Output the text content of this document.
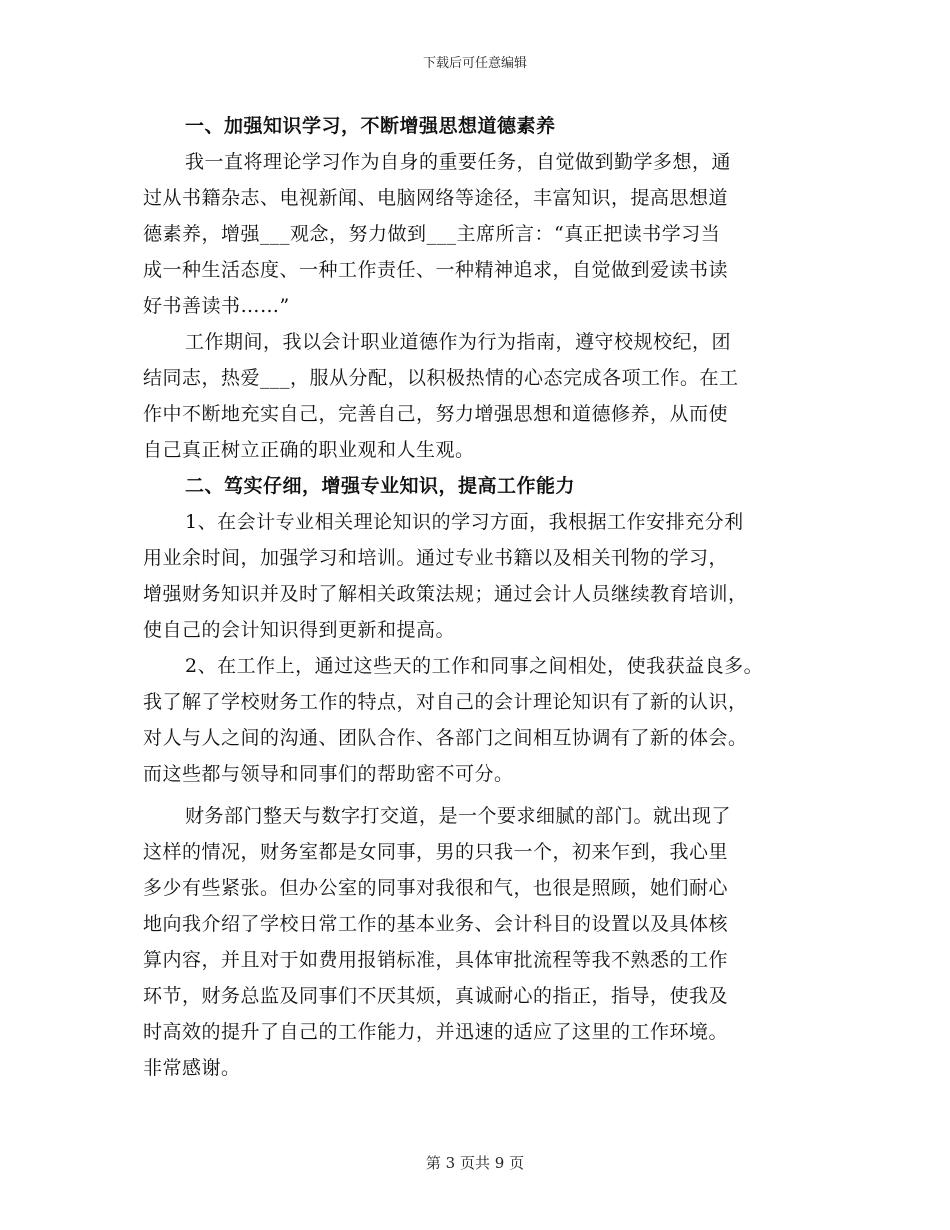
下载后可任意编辑
一、加强知识学习，不断增强思想道德素养
我一直将理论学习作为自身的重要任务，自觉做到勤学多想，通
过从书籍杂志、电视新闻、电脑网络等途径，丰富知识，提高思想道
德素养，增强___观念，努力做到___主席所言：“真正把读书学习当
成一种生活态度、一种工作责任、一种精神追求，自觉做到爱读书读
好书善读书……”
工作期间，我以会计职业道德作为行为指南，遵守校规校纪，团
结同志，热爱___，服从分配，以积极热情的心态完成各项工作。在工
作中不断地充实自己，完善自己，努力增强思想和道德修养，从而使
自己真正树立正确的职业观和人生观。
二、笃实仔细，增强专业知识，提高工作能力
1、在会计专业相关理论知识的学习方面，我根据工作安排充分利
用业余时间，加强学习和培训。通过专业书籍以及相关刊物的学习，
增强财务知识并及时了解相关政策法规；通过会计人员继续教育培训，
使自己的会计知识得到更新和提高。
2、在工作上，通过这些天的工作和同事之间相处，使我获益良多。
我了解了学校财务工作的特点，对自己的会计理论知识有了新的认识，
对人与人之间的沟通、团队合作、各部门之间相互协调有了新的体会。
而这些都与领导和同事们的帮助密不可分。
财务部门整天与数字打交道，是一个要求细腻的部门。就出现了
这样的情况，财务室都是女同事，男的只我一个，初来乍到，我心里
多少有些紧张。但办公室的同事对我很和气，也很是照顾，她们耐心
地向我介绍了学校日常工作的基本业务、会计科目的设置以及具体核
算内容，并且对于如费用报销标准，具体审批流程等我不熟悉的工作
环节，财务总监及同事们不厌其烦，真诚耐心的指正，指导，使我及
时高效的提升了自己的工作能力，并迅速的适应了这里的工作环境。
非常感谢。
第 3 页共 9 页
